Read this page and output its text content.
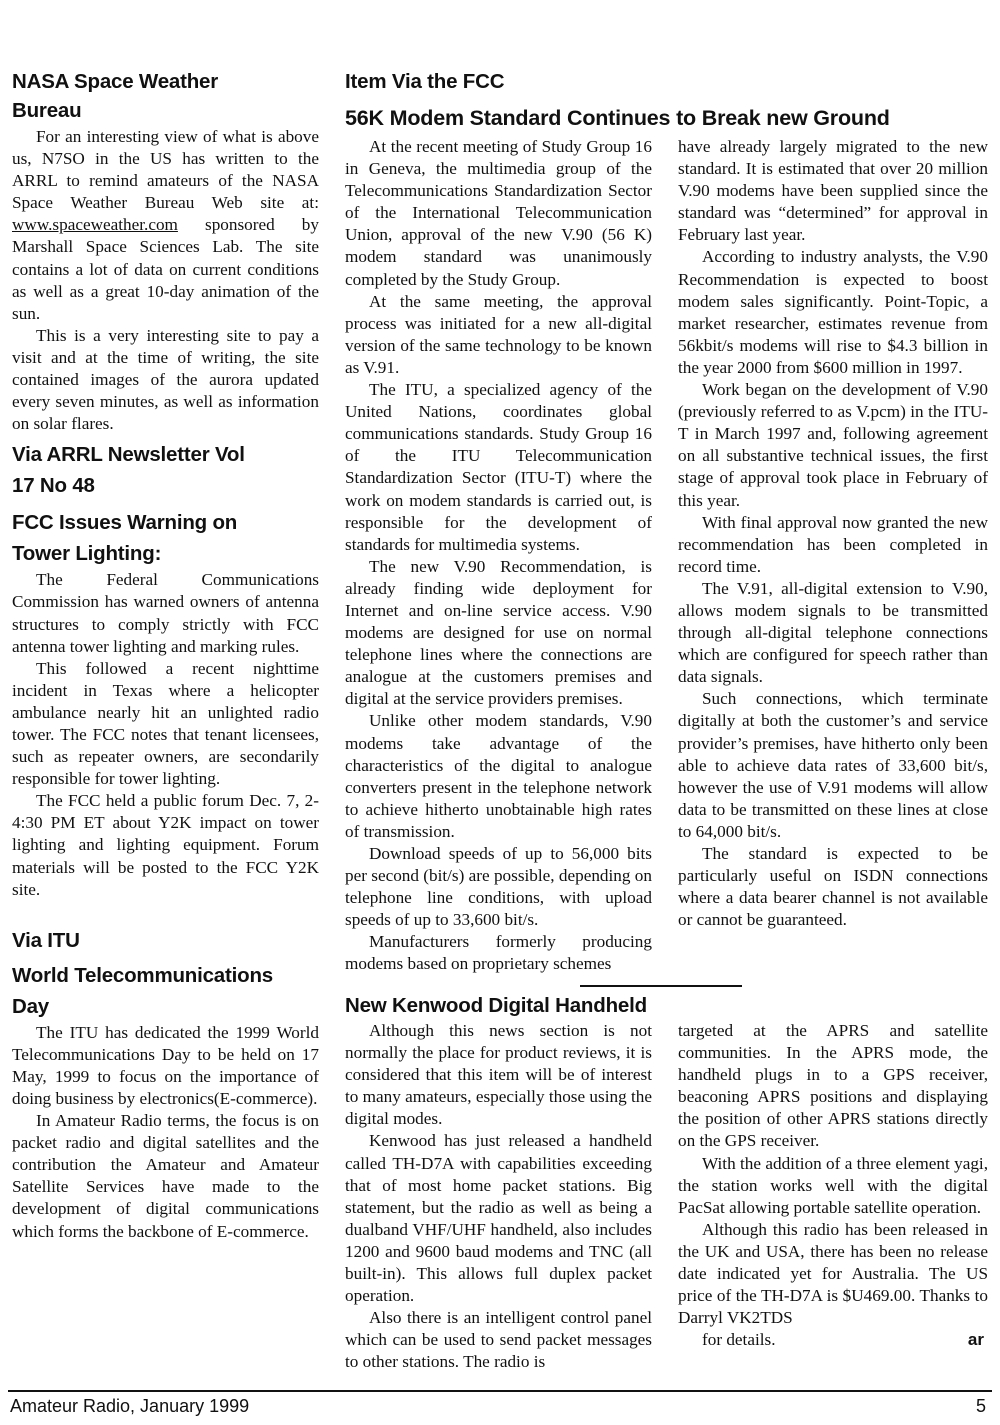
NASA Space Weather
Bureau

For an interesting view of what is above us, N7SO in the US has written to the ARRL to remind amateurs of the NASA Space Weather Bureau Web site at: www.spaceweather.com sponsored by Marshall Space Sciences Lab. The site contains a lot of data on current conditions as well as a great 10-day animation of the sun.

This is a very interesting site to pay a visit and at the time of writing, the site contained images of the aurora updated every seven minutes, as well as information on solar flares.

Via ARRL Newsletter Vol
17 No 48
FCC Issues Warning on
Tower Lighting:

The Federal Communications Commission has warned owners of antenna structures to comply strictly with FCC antenna tower lighting and marking rules.

This followed a recent nighttime incident in Texas where a helicopter ambulance nearly hit an unlighted radio tower. The FCC notes that tenant licensees, such as repeater owners, are secondarily responsible for tower lighting.

The FCC held a public forum Dec. 7, 2-4:30 PM ET about Y2K impact on tower lighting and lighting equipment. Forum materials will be posted to the FCC Y2K site.

Via ITU
World Telecommunications
Day

The ITU has dedicated the 1999 World Telecommunications Day to be held on 17 May, 1999 to focus on the importance of doing business by electronics(E-commerce).

In Amateur Radio terms, the focus is on packet radio and digital satellites and the contribution the Amateur and Amateur Satellite Services have made to the development of digital communications which forms the backbone of E-commerce.

Item Via the FCC
56K Modem Standard Continues to Break new Ground

At the recent meeting of Study Group 16 in Geneva, the multimedia group of the Telecommunications Standardization Sector of the International Telecommunication Union, approval of the new V.90 (56 K) modem standard was unanimously completed by the Study Group.

At the same meeting, the approval process was initiated for a new all-digital version of the same technology to be known as V.91.

The ITU, a specialized agency of the United Nations, coordinates global communications standards. Study Group 16 of the ITU Telecommunication Standardization Sector (ITU-T) where the work on modem standards is carried out, is responsible for the development of standards for multimedia systems.

The new V.90 Recommendation, is already finding wide deployment for Internet and on-line service access. V.90 modems are designed for use on normal telephone lines where the connections are analogue at the customers premises and digital at the service providers premises.

Unlike other modem standards, V.90 modems take advantage of the characteristics of the digital to analogue converters present in the telephone network to achieve hitherto unobtainable high rates of transmission.

Download speeds of up to 56,000 bits per second (bit/s) are possible, depending on telephone line conditions, with upload speeds of up to 33,600 bit/s.

Manufacturers formerly producing modems based on proprietary schemes

have already largely migrated to the new standard. It is estimated that over 20 million V.90 modems have been supplied since the standard was “determined” for approval in February last year.

According to industry analysts, the V.90 Recommendation is expected to boost modem sales significantly. Point-Topic, a market researcher, estimates revenue from 56kbit/s modems will rise to $4.3 billion in the year 2000 from $600 million in 1997.

Work began on the development of V.90 (previously referred to as V.pcm) in the ITU-T in March 1997 and, following agreement on all substantive technical issues, the first stage of approval took place in February of this year.

With final approval now granted the new recommendation has been completed in record time.

The V.91, all-digital extension to V.90, allows modem signals to be transmitted through all-digital telephone connections which are configured for speech rather than data signals.

Such connections, which terminate digitally at both the customer’s and service provider’s premises, have hitherto only been able to achieve data rates of 33,600 bit/s, however the use of V.91 modems will allow data to be transmitted on these lines at close to 64,000 bit/s.

The standard is expected to be particularly useful on ISDN connections where a data bearer channel is not available or cannot be guaranteed.

New Kenwood Digital Handheld

Although this news section is not normally the place for product reviews, it is considered that this item will be of interest to many amateurs, especially those using the digital modes.

Kenwood has just released a handheld called TH-D7A with capabilities exceeding that of most home packet stations. Big statement, but the radio as well as being a dualband VHF/UHF handheld, also includes 1200 and 9600 baud modems and TNC (all built-in). This allows full duplex packet operation.

Also there is an intelligent control panel which can be used to send packet messages to other stations. The radio is

targeted at the APRS and satellite communities. In the APRS mode, the handheld plugs in to a GPS receiver, beaconing APRS positions and displaying the position of other APRS stations directly on the GPS receiver.

With the addition of a three element yagi, the station works well with the digital PacSat allowing portable satellite operation.

Although this radio has been released in the UK and USA, there has been no release date indicated yet for Australia. The US price of the TH-D7A is $U469.00. Thanks to Darryl VK2TDS

for details.	ar

Amateur Radio, January 1999	5
